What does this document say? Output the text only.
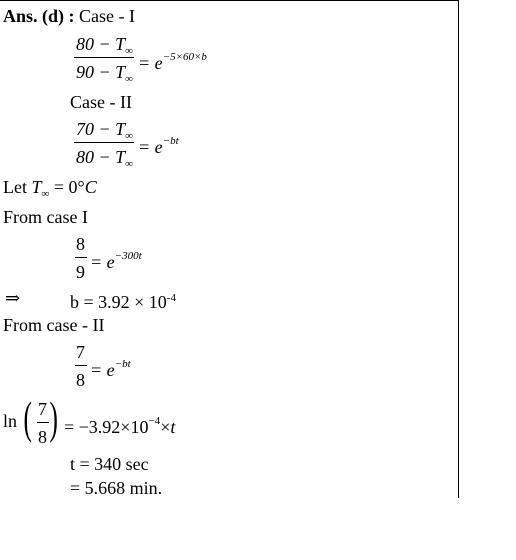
Ans. (d) : Case - I
$80 - T_\infty$
$90 - T_\infty$
= $e^{-5\times 60\times b}$
Case - II
$70 - T_\infty$
$80 - T_\infty$
= $e^{-bt}$
Let $T_\infty = 0^\circ C$
From case I
8
$9 = e^{-300t}$
⇒	$b = 3.92 \times 10^{-4}$
From case - II
7
$8 = e^{-bt}$
ln ( 7
8 ) = $-3.92\times 10^{-4}\times t$
t = 340 sec
= 5.668 min.
